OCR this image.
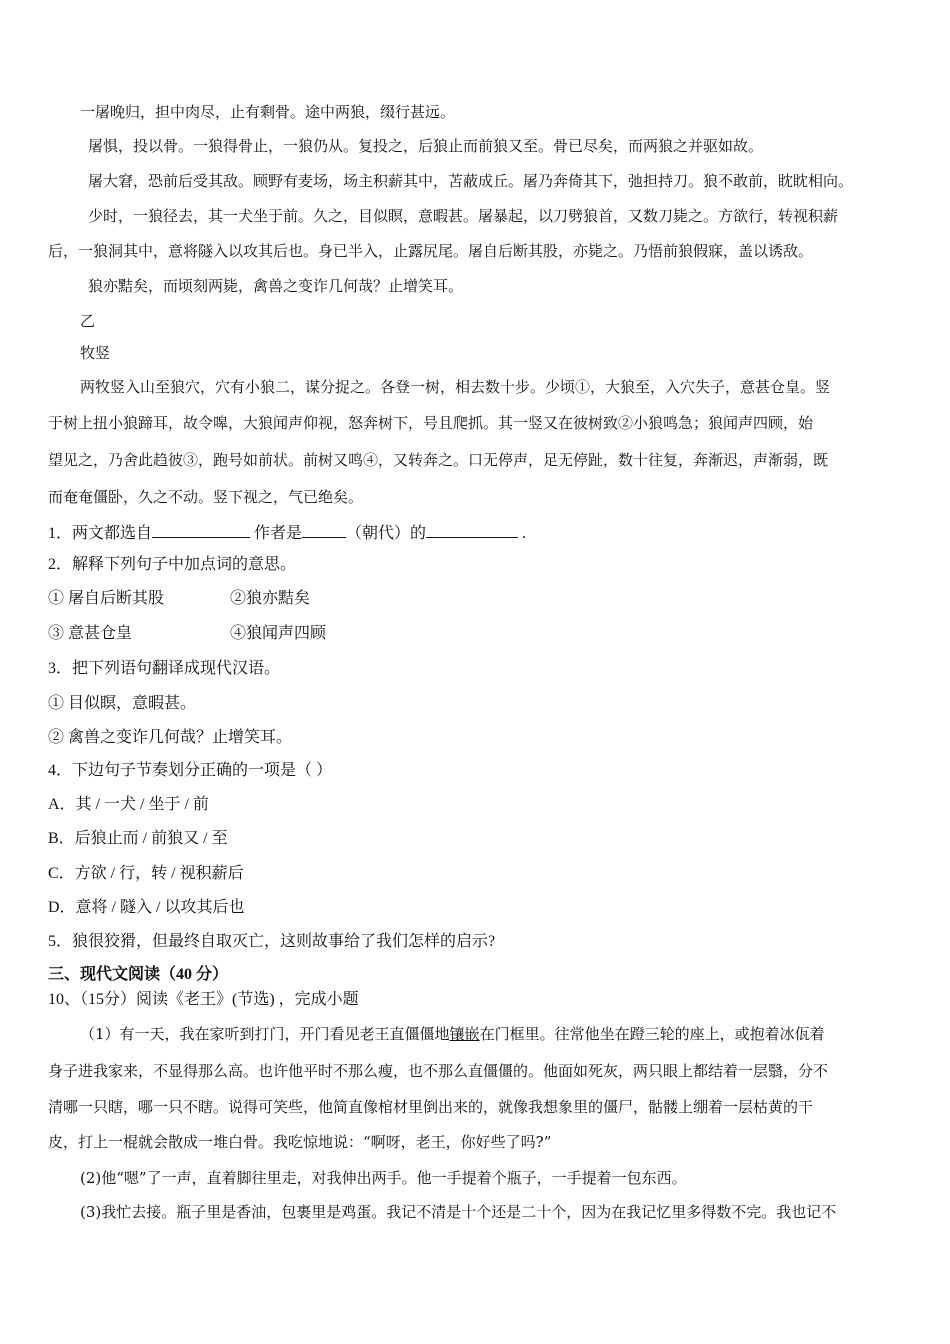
一屠晚归，担中肉尽，止有剩骨。途中两狼，缀行甚远。
屠惧，投以骨。一狼得骨止，一狼仍从。复投之，后狼止而前狼又至。骨已尽矣，而两狼之并驱如故。
屠大窘，恐前后受其敌。顾野有麦场，场主积薪其中，苫蔽成丘。屠乃奔倚其下，弛担持刀。狼不敢前，眈眈相向。
少时，一狼径去，其一犬坐于前。久之，目似瞑，意暇甚。屠暴起，以刀劈狼首，又数刀毙之。方欲行，转视积薪
后，一狼洞其中，意将隧入以攻其后也。身已半入，止露尻尾。屠自后断其股，亦毙之。乃悟前狼假寐，盖以诱敌。
狼亦黠矣，而顷刻两毙，禽兽之变诈几何哉？止增笑耳。
乙
牧竖
两牧竖入山至狼穴，穴有小狼二，谋分捉之。各登一树，相去数十步。少顷①，大狼至，入穴失子，意甚仓皇。竖
于树上扭小狼蹄耳，故令嗥，大狼闻声仰视，怒奔树下，号且爬抓。其一竖又在彼树致②小狼鸣急；狼闻声四顾，始
望见之，乃舍此趋彼③，跑号如前状。前树又鸣④，又转奔之。口无停声，足无停趾，数十往复，奔渐迟，声渐弱，既
而奄奄僵卧，久之不动。竖下视之，气已绝矣。
1．两文都选自	作者是	（朝代）的	.
2．解释下列句子中加点词的意思。
① 屠自后断其股	②狼亦黠矣
③ 意甚仓皇	④狼闻声四顾
3．把下列语句翻译成现代汉语。
① 目似瞑，意暇甚。
② 禽兽之变诈几何哉？止增笑耳。
4．下边句子节奏划分正确的一项是（ ）
A．其 / 一犬 / 坐于 / 前
B．后狼止而 / 前狼又 / 至
C．方欲 / 行，转 / 视积薪后
D．意将 / 隧入 / 以攻其后也
5．狼很狡猾，但最终自取灭亡，这则故事给了我们怎样的启示?
三、现代文阅读（40 分）
10、（15分）阅读《老王》(节选) ，完成小题
（1）有一天，我在家听到打门，开门看见老王直僵僵地镶嵌在门框里。往常他坐在蹬三轮的座上，或抱着冰佤着
身子进我家来，不显得那么高。也许他平时不那么瘦，也不那么直僵僵的。他面如死灰，两只眼上都结着一层翳，分不
清哪一只瞎，哪一只不瞎。说得可笑些，他简直像棺材里倒出来的，就像我想象里的僵尸，骷髅上绷着一层枯黄的干
皮，打上一棍就会散成一堆白骨。我吃惊地说：“啊呀，老王，你好些了吗?”
(2)他“嗯”了一声，直着脚往里走，对我伸出两手。他一手提着个瓶子，一手提着一包东西。
(3)我忙去接。瓶子里是香油，包裹里是鸡蛋。我记不清是十个还是二十个，因为在我记忆里多得数不完。我也记不
